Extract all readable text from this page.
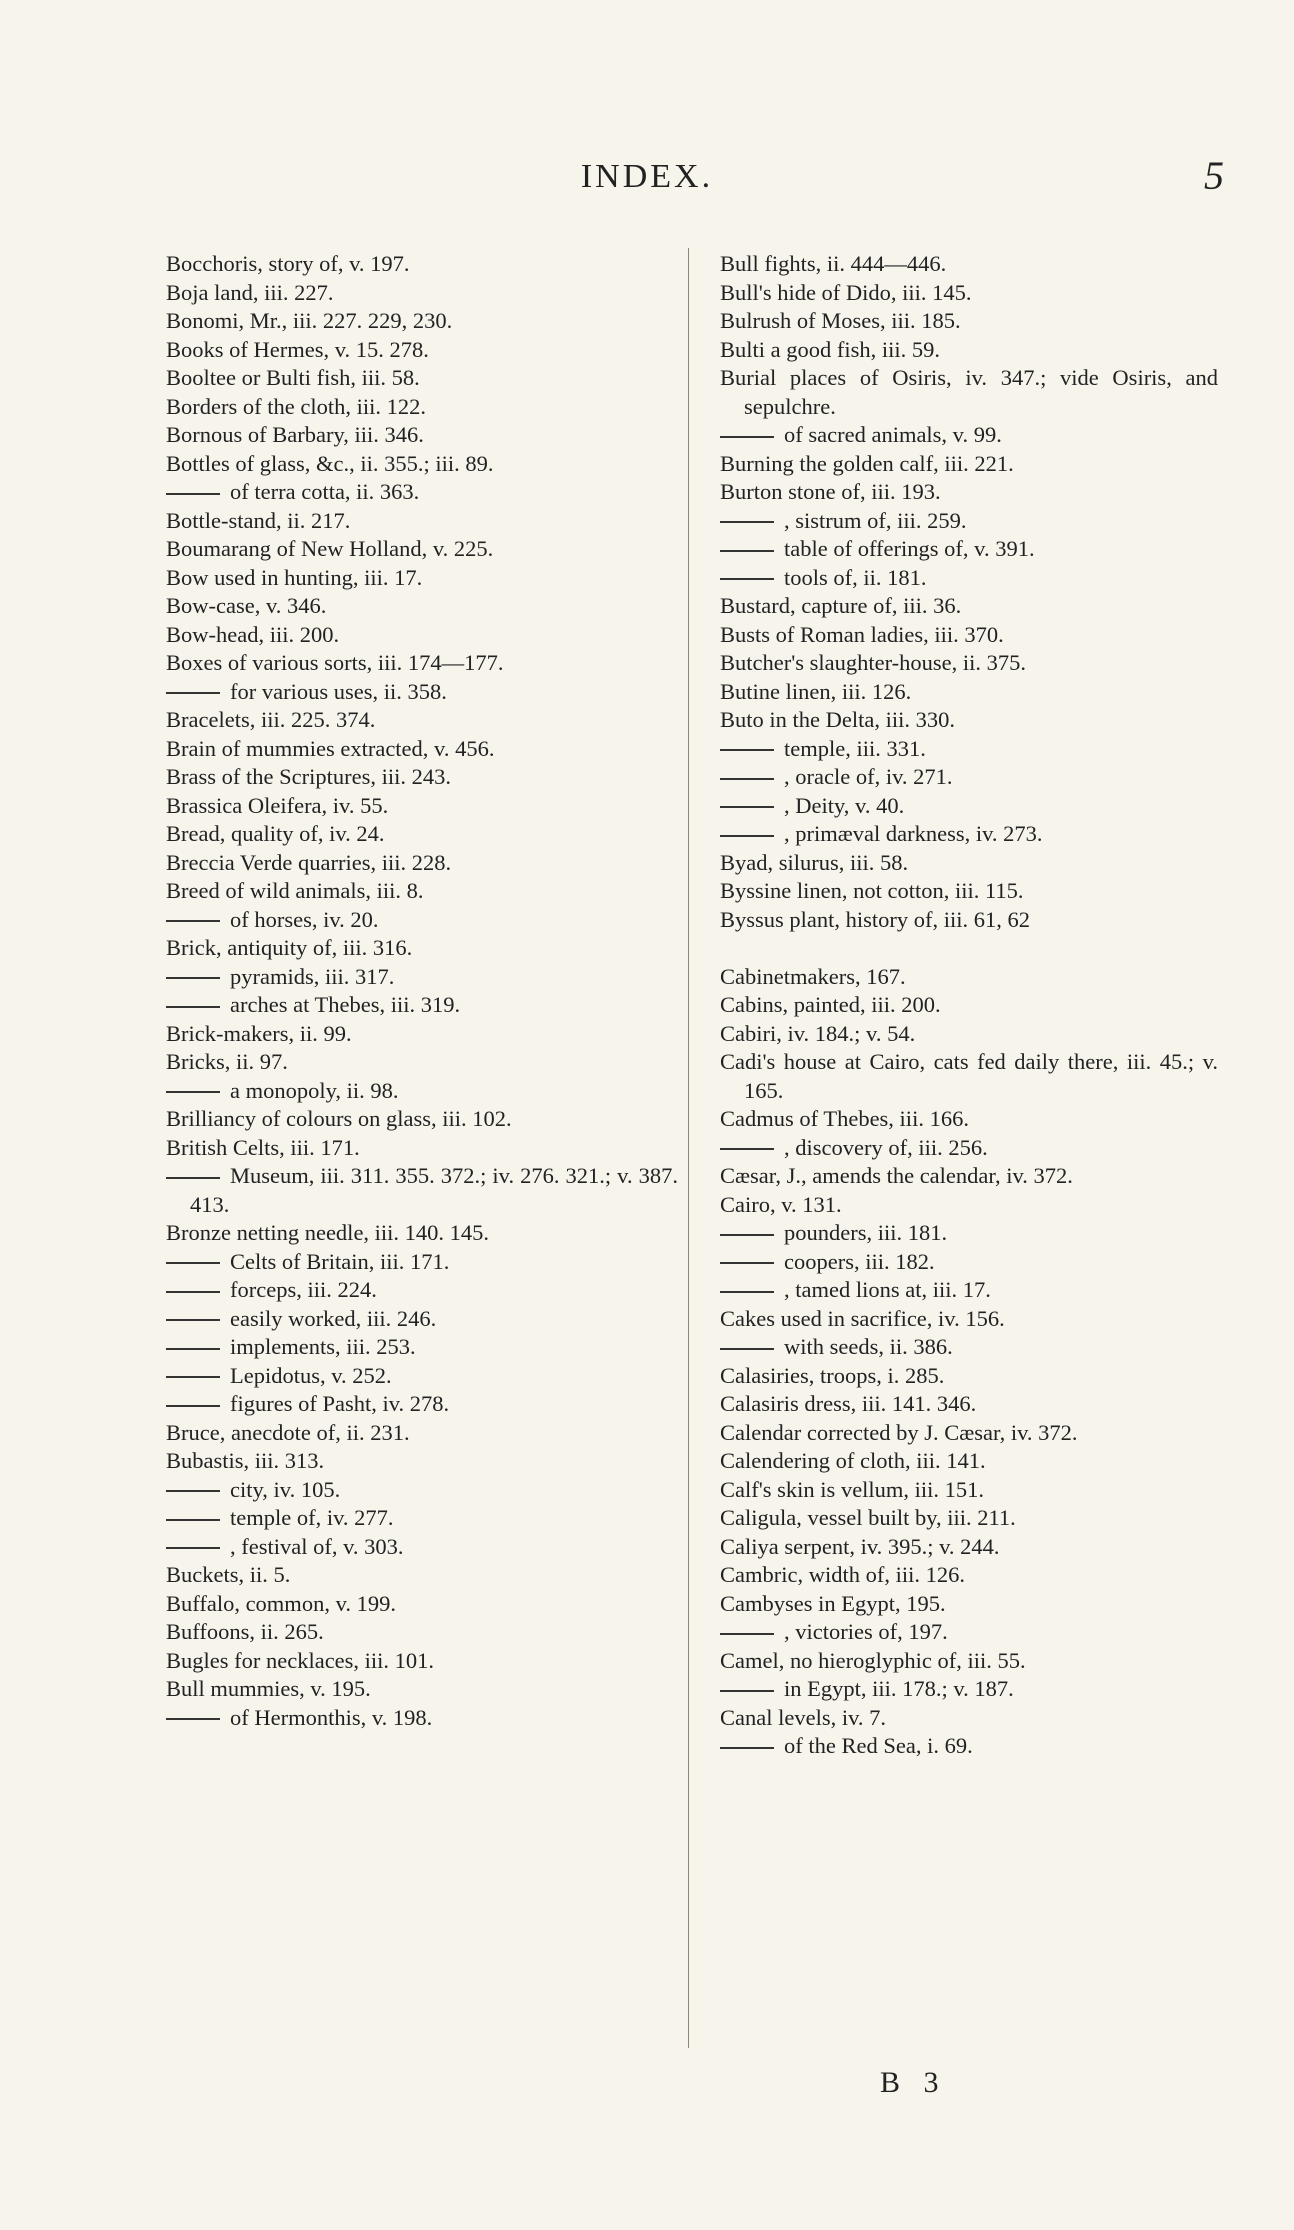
INDEX.	5
Bocchoris, story of, v. 197.
Boja land, iii. 227.
Bonomi, Mr., iii. 227. 229, 230.
Books of Hermes, v. 15. 278.
Booltee or Bulti fish, iii. 58.
Borders of the cloth, iii. 122.
Bornous of Barbary, iii. 346.
Bottles of glass, &c., ii. 355.; iii. 89.
of terra cotta, ii. 363.
Bottle-stand, ii. 217.
Boumarang of New Holland, v. 225.
Bow used in hunting, iii. 17.
Bow-case, v. 346.
Bow-head, iii. 200.
Boxes of various sorts, iii. 174—177.
for various uses, ii. 358.
Bracelets, iii. 225. 374.
Brain of mummies extracted, v. 456.
Brass of the Scriptures, iii. 243.
Brassica Oleifera, iv. 55.
Bread, quality of, iv. 24.
Breccia Verde quarries, iii. 228.
Breed of wild animals, iii. 8.
of horses, iv. 20.
Brick, antiquity of, iii. 316.
pyramids, iii. 317.
arches at Thebes, iii. 319.
Brick-makers, ii. 99.
Bricks, ii. 97.
a monopoly, ii. 98.
Brilliancy of colours on glass, iii. 102.
British Celts, iii. 171.
Museum, iii. 311. 355. 372.; iv. 276. 321.; v. 387. 413.
Bronze netting needle, iii. 140. 145.
Celts of Britain, iii. 171.
forceps, iii. 224.
easily worked, iii. 246.
implements, iii. 253.
Lepidotus, v. 252.
figures of Pasht, iv. 278.
Bruce, anecdote of, ii. 231.
Bubastis, iii. 313.
city, iv. 105.
temple of, iv. 277.
, festival of, v. 303.
Buckets, ii. 5.
Buffalo, common, v. 199.
Buffoons, ii. 265.
Bugles for necklaces, iii. 101.
Bull mummies, v. 195.
of Hermonthis, v. 198.
Bull fights, ii. 444—446.
Bull's hide of Dido, iii. 145.
Bulrush of Moses, iii. 185.
Bulti a good fish, iii. 59.
Burial places of Osiris, iv. 347.; vide Osiris, and sepulchre.
of sacred animals, v. 99.
Burning the golden calf, iii. 221.
Burton stone of, iii. 193.
, sistrum of, iii. 259.
table of offerings of, v. 391.
tools of, ii. 181.
Bustard, capture of, iii. 36.
Busts of Roman ladies, iii. 370.
Butcher's slaughter-house, ii. 375.
Butine linen, iii. 126.
Buto in the Delta, iii. 330.
temple, iii. 331.
, oracle of, iv. 271.
, Deity, v. 40.
, primæval darkness, iv. 273.
Byad, silurus, iii. 58.
Byssine linen, not cotton, iii. 115.
Byssus plant, history of, iii. 61, 62
Cabinetmakers, 167.
Cabins, painted, iii. 200.
Cabiri, iv. 184.; v. 54.
Cadi's house at Cairo, cats fed daily there, iii. 45.; v. 165.
Cadmus of Thebes, iii. 166.
, discovery of, iii. 256.
Cæsar, J., amends the calendar, iv. 372.
Cairo, v. 131.
pounders, iii. 181.
coopers, iii. 182.
, tamed lions at, iii. 17.
Cakes used in sacrifice, iv. 156.
with seeds, ii. 386.
Calasiries, troops, i. 285.
Calasiris dress, iii. 141. 346.
Calendar corrected by J. Cæsar, iv. 372.
Calendering of cloth, iii. 141.
Calf's skin is vellum, iii. 151.
Caligula, vessel built by, iii. 211.
Caliya serpent, iv. 395.; v. 244.
Cambric, width of, iii. 126.
Cambyses in Egypt, 195.
, victories of, 197.
Camel, no hieroglyphic of, iii. 55.
in Egypt, iii. 178.; v. 187.
Canal levels, iv. 7.
of the Red Sea, i. 69.
B 3
